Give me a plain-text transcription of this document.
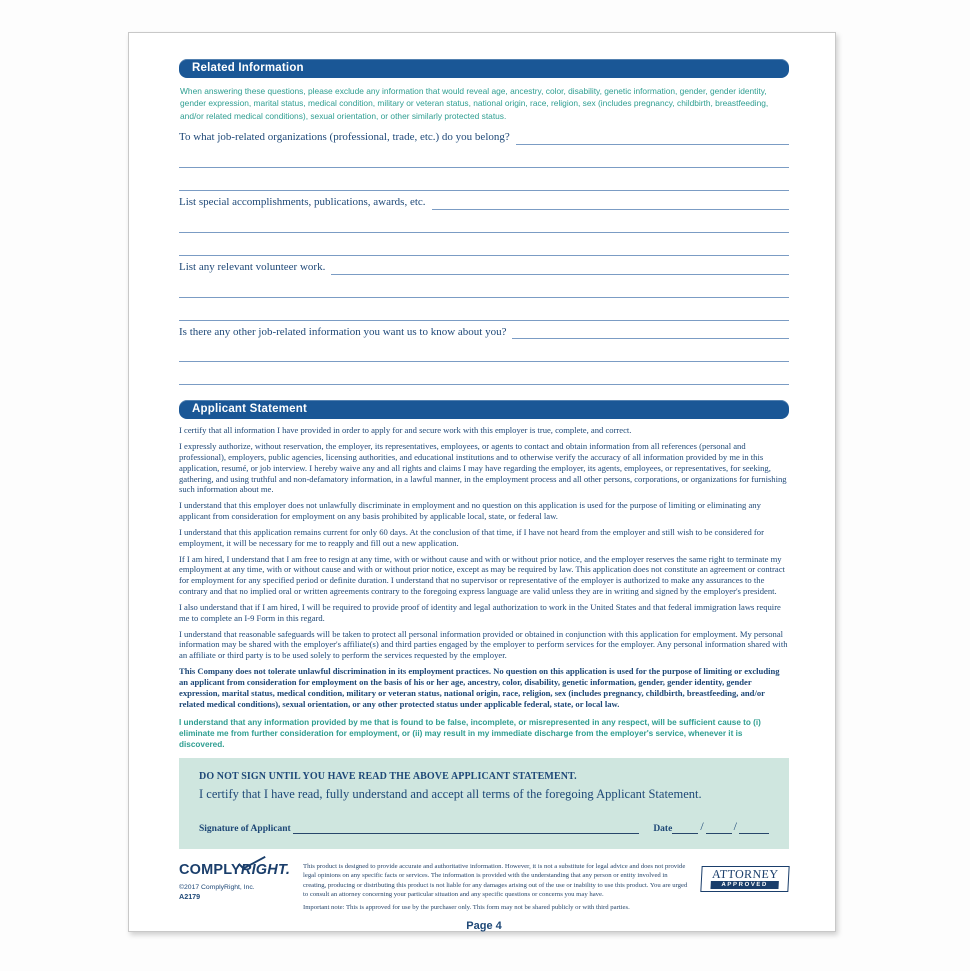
Related Information
When answering these questions, please exclude any information that would reveal age, ancestry, color, disability, genetic information, gender, gender identity, gender expression, marital status, medical condition, military or veteran status, national origin, race, religion, sex (includes pregnancy, childbirth, breastfeeding, and/or related medical conditions), sexual orientation, or other similarly protected status.
To what job-related organizations (professional, trade, etc.) do you belong?
List special accomplishments, publications, awards, etc.
List any relevant volunteer work.
Is there any other job-related information you want us to know about you?
Applicant Statement

I certify that all information I have provided in order to apply for and secure work with this employer is true, complete, and correct.

I expressly authorize, without reservation, the employer, its representatives, employees, or agents to contact and obtain information from all references (personal and professional), employers, public agencies, licensing authorities, and educational institutions and to otherwise verify the accuracy of all information provided by me in this application, resumé, or job interview. I hereby waive any and all rights and claims I may have regarding the employer, its agents, employees, or representatives, for seeking, gathering, and using truthful and non-defamatory information, in a lawful manner, in the employment process and all other persons, corporations, or organizations for furnishing such information about me.

I understand that this employer does not unlawfully discriminate in employment and no question on this application is used for the purpose of limiting or eliminating any applicant from consideration for employment on any basis prohibited by applicable local, state, or federal law.

I understand that this application remains current for only 60 days. At the conclusion of that time, if I have not heard from the employer and still wish to be considered for employment, it will be necessary for me to reapply and fill out a new application.

If I am hired, I understand that I am free to resign at any time, with or without cause and with or without prior notice, and the employer reserves the same right to terminate my employment at any time, with or without cause and with or without prior notice, except as may be required by law. This application does not constitute an agreement or contract for employment for any specified period or definite duration. I understand that no supervisor or representative of the employer is authorized to make any assurances to the contrary and that no implied oral or written agreements contrary to the foregoing express language are valid unless they are in writing and signed by the employer's president.

I also understand that if I am hired, I will be required to provide proof of identity and legal authorization to work in the United States and that federal immigration laws require me to complete an I-9 Form in this regard.

I understand that reasonable safeguards will be taken to protect all personal information provided or obtained in conjunction with this application for employment. My personal information may be shared with the employer's affiliate(s) and third parties engaged by the employer to perform services for the employer. Any personal information shared with an affiliate or third party is to be used solely to perform the services requested by the employer.

This Company does not tolerate unlawful discrimination in its employment practices. No question on this application is used for the purpose of limiting or excluding an applicant from consideration for employment on the basis of his or her age, ancestry, color, disability, genetic information, gender, gender identity, gender expression, marital status, medical condition, military or veteran status, national origin, race, religion, sex (includes pregnancy, childbirth, breastfeeding, and/or related medical conditions), sexual orientation, or any other protected status under applicable federal, state, or local law.

I understand that any information provided by me that is found to be false, incomplete, or misrepresented in any respect, will be sufficient cause to (i) eliminate me from further consideration for employment, or (ii) may result in my immediate discharge from the employer's service, whenever it is discovered.

DO NOT SIGN UNTIL YOU HAVE READ THE ABOVE APPLICANT STATEMENT.
I certify that I have read, fully understand and accept all terms of the foregoing Applicant Statement.
Signature of Applicant	Date /	/
COMPLYRIGHT.
©2017 ComplyRight, Inc.
A2179
This product is designed to provide accurate and authoritative information. However, it is not a substitute for legal advice and does not provide legal opinions on any specific facts or services. The information is provided with the understanding that any person or entity involved in creating, producing or distributing this product is not liable for any damages arising out of the use or inability to use this product. You are urged to consult an attorney concerning your particular situation and any specific questions or concerns you may have.
Important note: This is approved for use by the purchaser only. This form may not be shared publicly or with third parties.
ATTORNEY
APPROVED
Page 4
